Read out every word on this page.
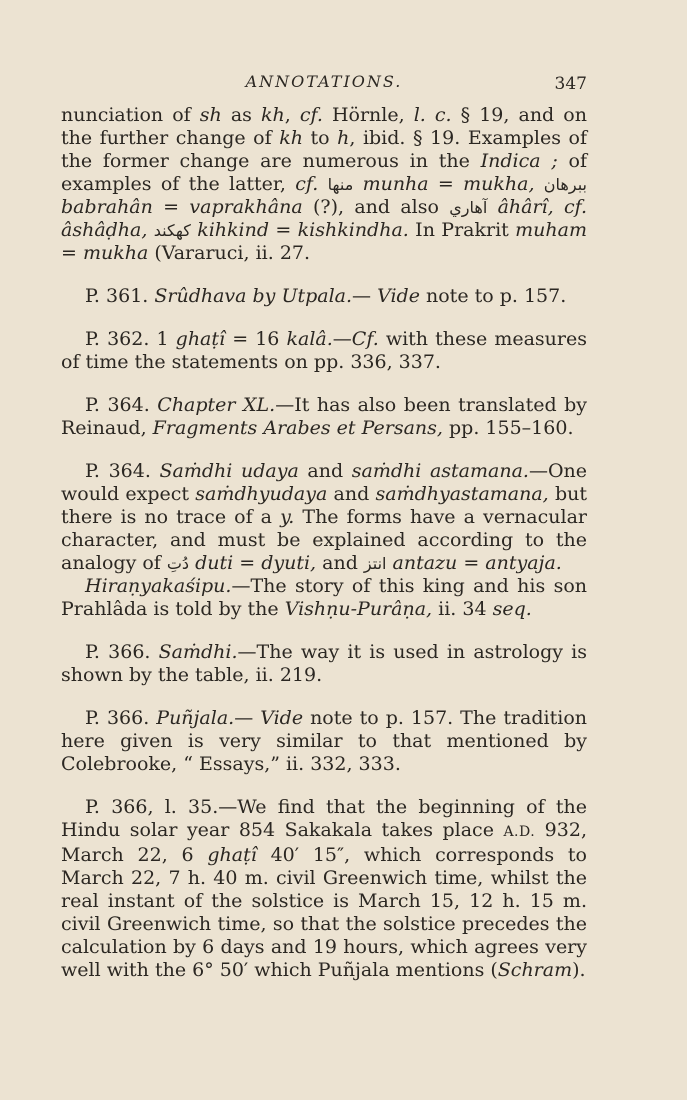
ANNOTATIONS.	347

nunciation of sh as kh, cf. Hörnle, l. c. § 19, and on the further change of kh to h, ibid. § 19. Examples of the former change are numerous in the Indica ; of examples of the latter, cf. منها munha = mukha, ببرهان babrahân = vaprakhâna (?), and also آهاري âhârî, cf. âshâḍha, كهكند kihkind = kishkindha. In Prakrit muham = mukha (Vararuci, ii. 27.

P. 361. Srûdhava by Utpala.— Vide note to p. 157.

P. 362. 1 ghaṭî = 16 kalâ.—Cf. with these measures of time the statements on pp. 336, 337.

P. 364. Chapter XL.—It has also been translated by Reinaud, Fragments Arabes et Persans, pp. 155–160.

P. 364. Saṁdhi udaya and saṁdhi astamana.—One would expect saṁdhyudaya and saṁdhyastamana, but there is no trace of a y. The forms have a vernacular character, and must be explained according to the analogy of دُتِ duti = dyuti, and انتز antazu = antyaja.

Hiraṇyakaśipu.—The story of this king and his son Prahlâda is told by the Vishṇu-Purâṇa, ii. 34 seq.

P. 366. Saṁdhi.—The way it is used in astrology is shown by the table, ii. 219.

P. 366. Puñjala.— Vide note to p. 157. The tradition here given is very similar to that mentioned by Colebrooke, “ Essays,” ii. 332, 333.

P. 366, l. 35.—We find that the beginning of the Hindu solar year 854 Sakakala takes place A.D. 932, March 22, 6 ghaṭî 40′ 15″, which corresponds to March 22, 7 h. 40 m. civil Greenwich time, whilst the real instant of the solstice is March 15, 12 h. 15 m. civil Greenwich time, so that the solstice precedes the calculation by 6 days and 19 hours, which agrees very well with the 6° 50′ which Puñjala mentions (Schram).
